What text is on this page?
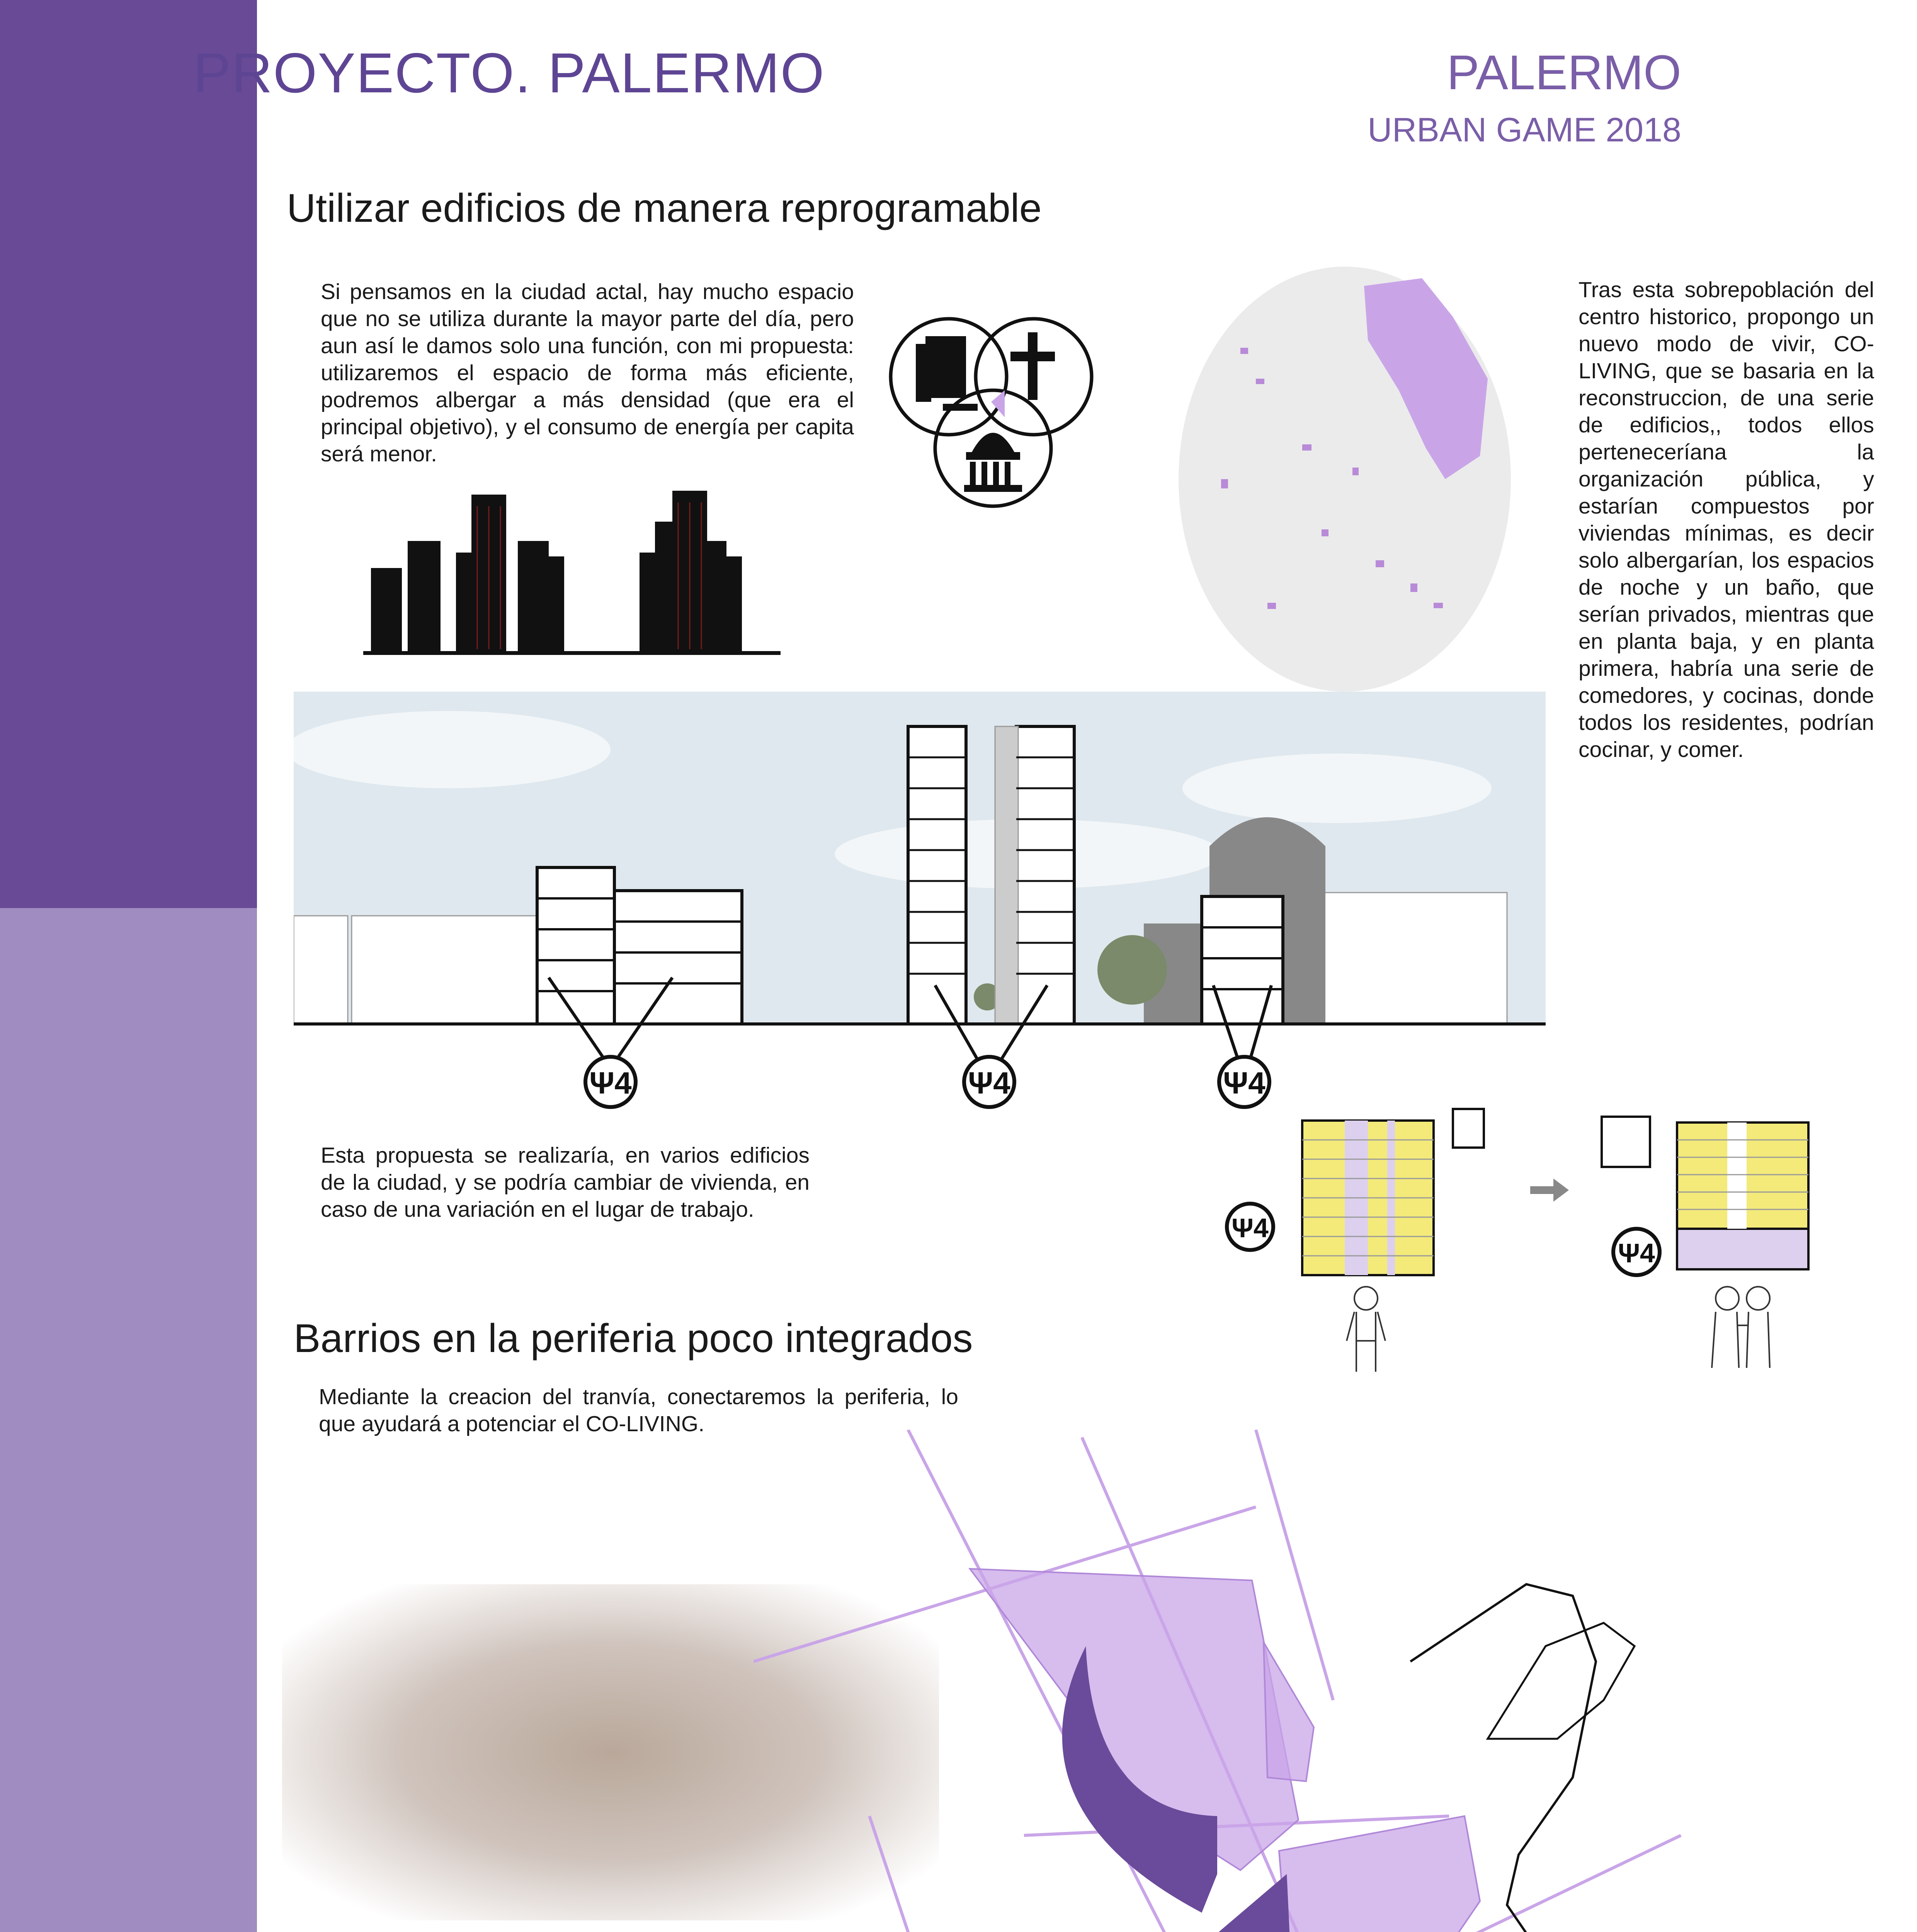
PROYECTO. PALERMO	PALERMO
URBAN GAME 2018
Utilizar edificios de manera reprogramable
Si pensamos en la ciudad actal, hay mucho espacio que no se utiliza durante la mayor parte del día, pero aun así le damos solo una función, con mi propuesta: utilizaremos el espacio de forma más eficiente, podremos albergar a más densidad (que era el principal objetivo), y el consumo de energía per capita será menor.
Tras esta sobrepoblación del centro historico, propongo un nuevo modo de vivir, CO-LIVING, que se basaria en la reconstruccion, de una serie de edificios,, todos ellos perteneceríana la organización pública, y estarían compuestos por viviendas mínimas, es decir solo albergarían, los espacios de noche y un baño, que serían privados, mientras que en planta baja, y en planta primera, habría una serie de comedores, y cocinas, donde todos los residentes, podrían cocinar, y comer.
Ψ4	Ψ4	Ψ4
Esta propuesta se realizaría, en varios edificios de la ciudad, y se podría cambiar de vivienda, en caso de una variación en el lugar de trabajo.
Ψ4
Ψ4
Barrios en la periferia poco integrados
Mediante la creacion del tranvía, conectaremos la periferia, lo que ayudará a potenciar el CO-LIVING.
